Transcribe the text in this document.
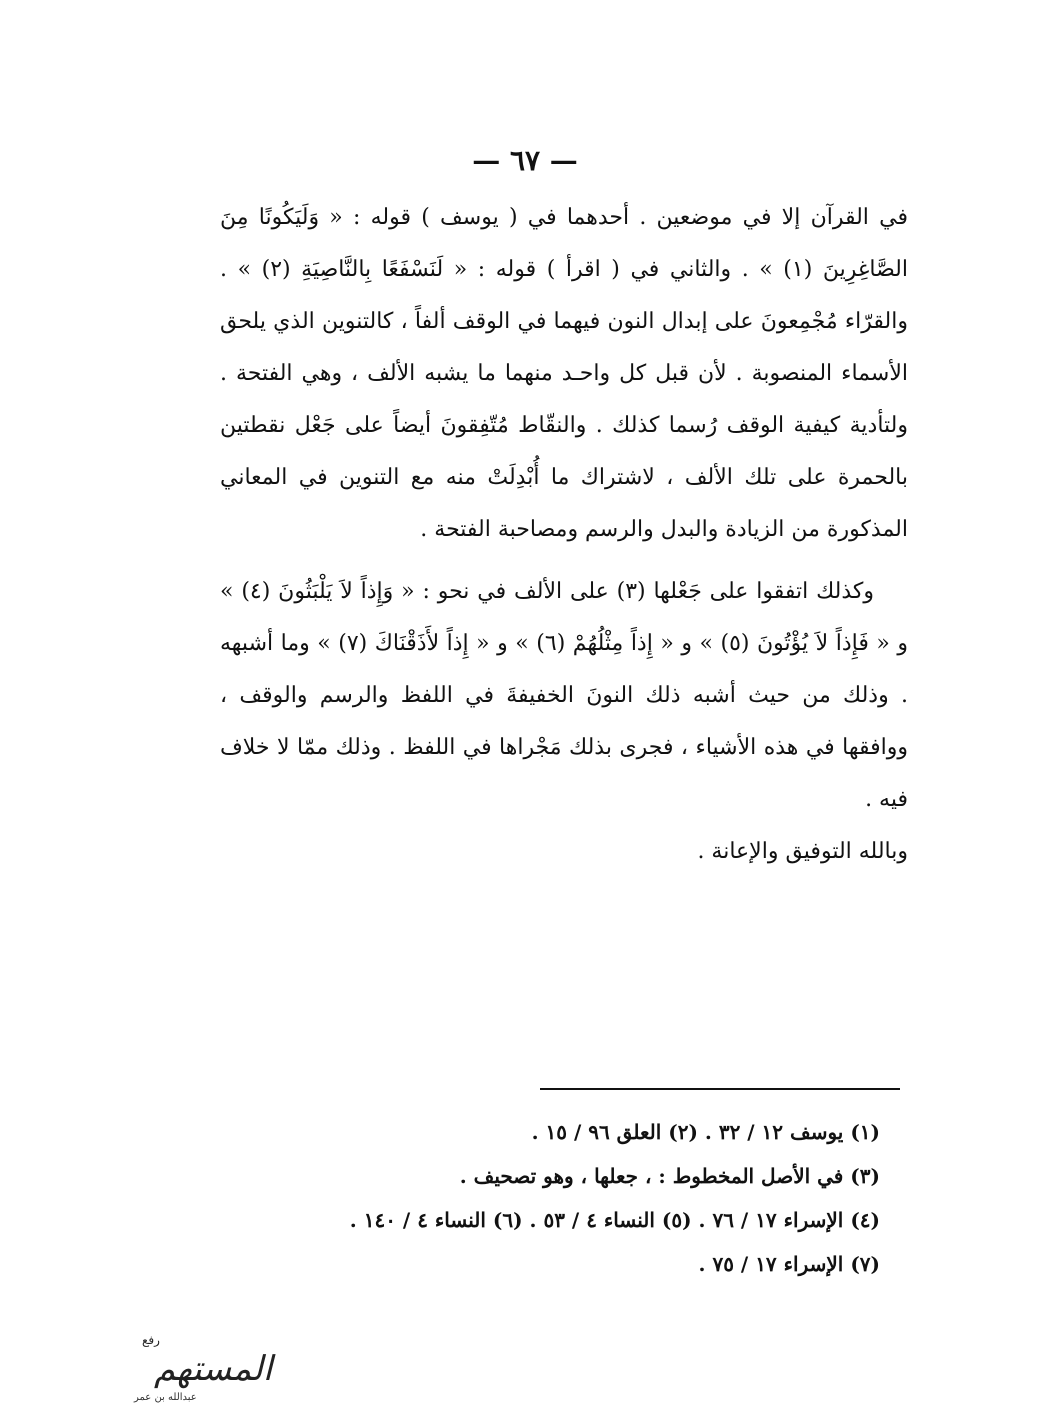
— ٦٧ —

في القرآن إلا في موضعين . أحدهما في ( يوسف ) قوله : « وَلَيَكُونًا مِنَ الصَّاغِرِينَ (١) » . والثاني في ( اقرأ ) قوله : « لَنَسْفَعًا بِالنَّاصِيَةِ (٢) » . والقرّاء مُجْمِعونَ على إبدال النون فيهما في الوقف ألفاً ، كالتنوين الذي يلحق الأسماء المنصوبة . لأن قبل كل واحـد منهما ما يشبه الألف ، وهي الفتحة . ولتأدية كيفية الوقف رُسما كذلك . والنقّاط مُتّفِقونَ أيضاً على جَعْل نقطتين بالحمرة على تلك الألف ، لاشتراك ما أُبْدِلَتْ منه مع التنوين في المعاني المذكورة من الزيادة والبدل والرسم ومصاحبة الفتحة .

وكذلك اتفقوا على جَعْلها (٣) على الألف في نحو : « وَإِذاً لاَ يَلْبَثُونَ (٤) » و « فَإِذاً لاَ يُؤْتُونَ (٥) » و « إِذاً مِثْلُهُمْ (٦) » و « إِذاً لأَذَقْنَاكَ (٧) » وما أشبهه . وذلك من حيث أشبه ذلك النونَ الخفيفةَ في اللفظ والرسم والوقف ، ووافقها في هذه الأشياء ، فجرى بذلك مَجْراها في اللفظ . وذلك ممّا لا خلاف فيه .

وبالله التوفيق والإعانة .

(١) يوسف ١٢ / ٣٢ . (٢) العلق ٩٦ / ١٥ .
(٣) في الأصل المخطوط : ، جعلها ، وهو تصحيف .
(٤) الإسراء ١٧ / ٧٦ . (٥) النساء ٤ / ٥٣ . (٦) النساء ٤ / ١٤٠ .
(٧) الإسراء ١٧ / ٧٥ .
رفع
المستهم
عبدالله بن عمر
